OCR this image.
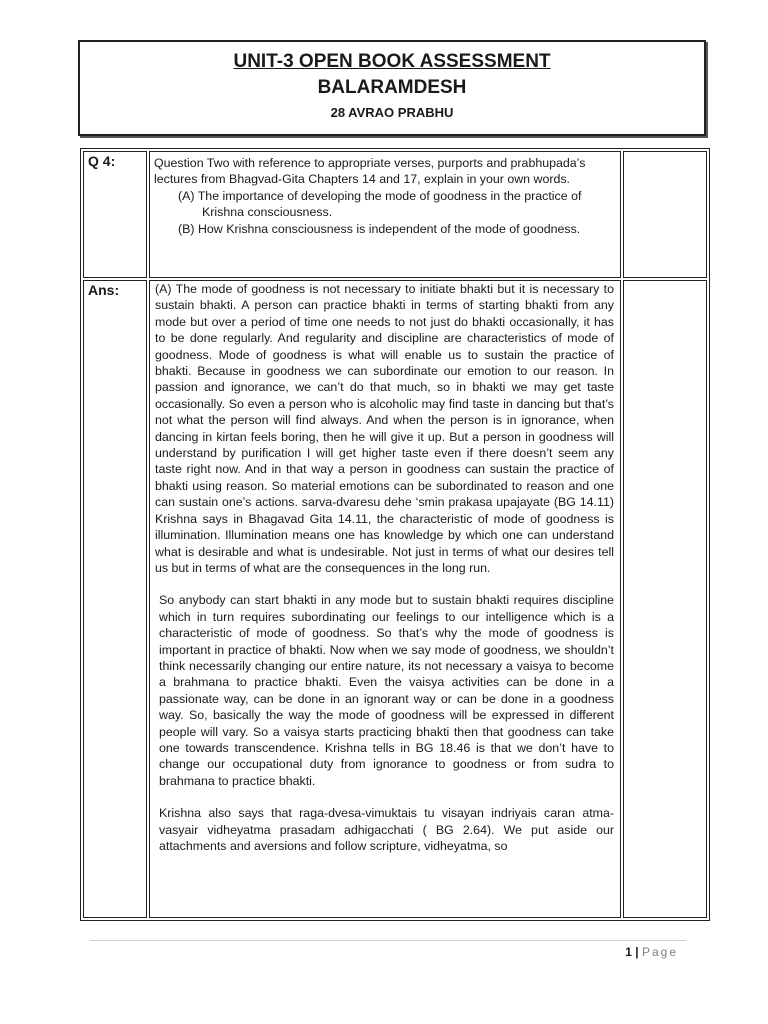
UNIT-3 OPEN BOOK ASSESSMENT
BALARAMDESH
28 AVRAO PRABHU
Q 4:	Question Two with reference to appropriate verses, purports and prabhupada’s lectures from Bhagvad-Gita Chapters 14 and 17, explain in your own words.
(A) The importance of developing the mode of goodness in the practice of Krishna consciousness.
(B) How Krishna consciousness is independent of the mode of goodness.	

Ans:	(A) The mode of goodness is not necessary to initiate bhakti but it is necessary to sustain bhakti. A person can practice bhakti in terms of starting bhakti from any mode but over a period of time one needs to not just do bhakti occasionally, it has to be done regularly. And regularity and discipline are characteristics of mode of goodness. Mode of goodness is what will enable us to sustain the practice of bhakti. Because in goodness we can subordinate our emotion to our reason. In passion and ignorance, we can’t do that much, so in bhakti we may get taste occasionally. So even a person who is alcoholic may find taste in dancing but that’s not what the person will find always. And when the person is in ignorance, when dancing in kirtan feels boring, then he will give it up. But a person in goodness will understand by purification I will get higher taste even if there doesn’t seem any taste right now. And in that way a person in goodness can sustain the practice of bhakti using reason. So material emotions can be subordinated to reason and one can sustain one’s actions. sarva-dvaresu dehe ‘smin prakasa upajayate (BG 14.11) Krishna says in Bhagavad Gita 14.11, the characteristic of mode of goodness is illumination. Illumination means one has knowledge by which one can understand what is desirable and what is undesirable. Not just in terms of what our desires tell us but in terms of what are the consequences in the long run.

So anybody can start bhakti in any mode but to sustain bhakti requires discipline which in turn requires subordinating our feelings to our intelligence which is a characteristic of mode of goodness. So that’s why the mode of goodness is important in practice of bhakti. Now when we say mode of goodness, we shouldn’t think necessarily changing our entire nature, its not necessary a vaisya to become a brahmana to practice bhakti. Even the vaisya activities can be done in a passionate way, can be done in an ignorant way or can be done in a goodness way. So, basically the way the mode of goodness will be expressed in different people will vary. So a vaisya starts practicing bhakti then that goodness can take one towards transcendence. Krishna tells in BG 18.46 is that we don’t have to change our occupational duty from ignorance to goodness or from sudra to brahmana to practice bhakti.

Krishna also says that raga-dvesa-vimuktais tu visayan indriyais caran atma-vasyair vidheyatma prasadam adhigacchati ( BG 2.64). We put aside our attachments and aversions and follow scripture, vidheyatma, so	

1 | Page
